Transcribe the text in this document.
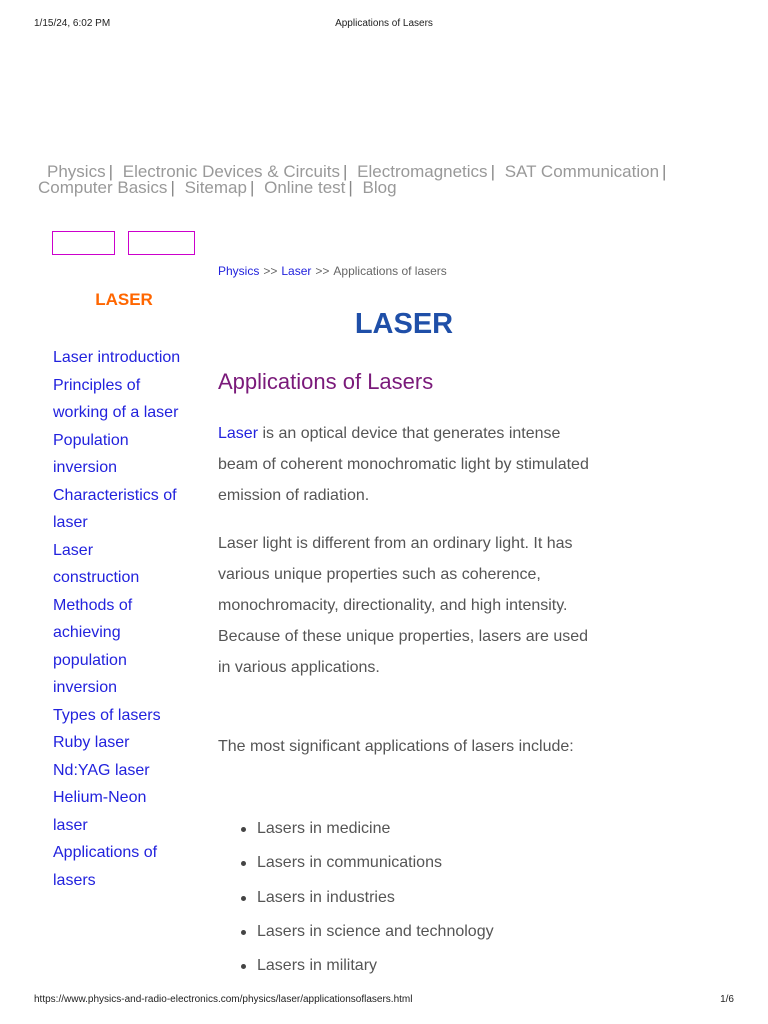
1/15/24, 6:02 PM	Applications of Lasers
Physics | Electronic Devices & Circuits | Electromagnetics | SAT Communication |
Computer Basics | Sitemap | Online test | Blog
LASER
Laser introduction
Principles of
working of a laser
Population
inversion
Characteristics of
laser
Laser
construction
Methods of
achieving
population
inversion
Types of lasers
Ruby laser
Nd:YAG laser
Helium-Neon
laser
Applications of
lasers
Physics >> Laser >> Applications of lasers
LASER
Applications of Lasers

Laser is an optical device that generates intense beam of coherent monochromatic light by stimulated emission of radiation.

Laser light is different from an ordinary light. It has various unique properties such as coherence, monochromacity, directionality, and high intensity. Because of these unique properties, lasers are used in various applications.

The most significant applications of lasers include:

Lasers in medicine
Lasers in communications
Lasers in industries
Lasers in science and technology
Lasers in military
https://www.physics-and-radio-electronics.com/physics/laser/applicationsoflasers.html	1/6
